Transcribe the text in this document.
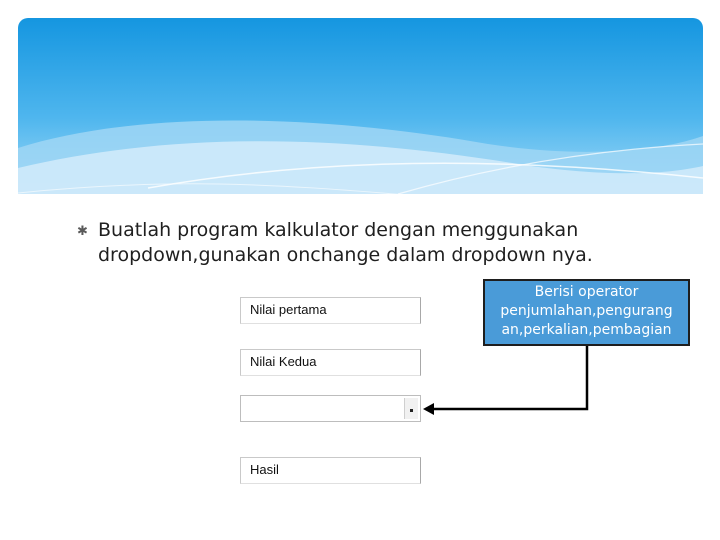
✱ Buatlah program kalkulator dengan menggunakan dropdown,gunakan onchange dalam dropdown nya.
Nilai pertama
Nilai Kedua
Hasil
Berisi operator penjumlahan,pengurang an,perkalian,pembagian
